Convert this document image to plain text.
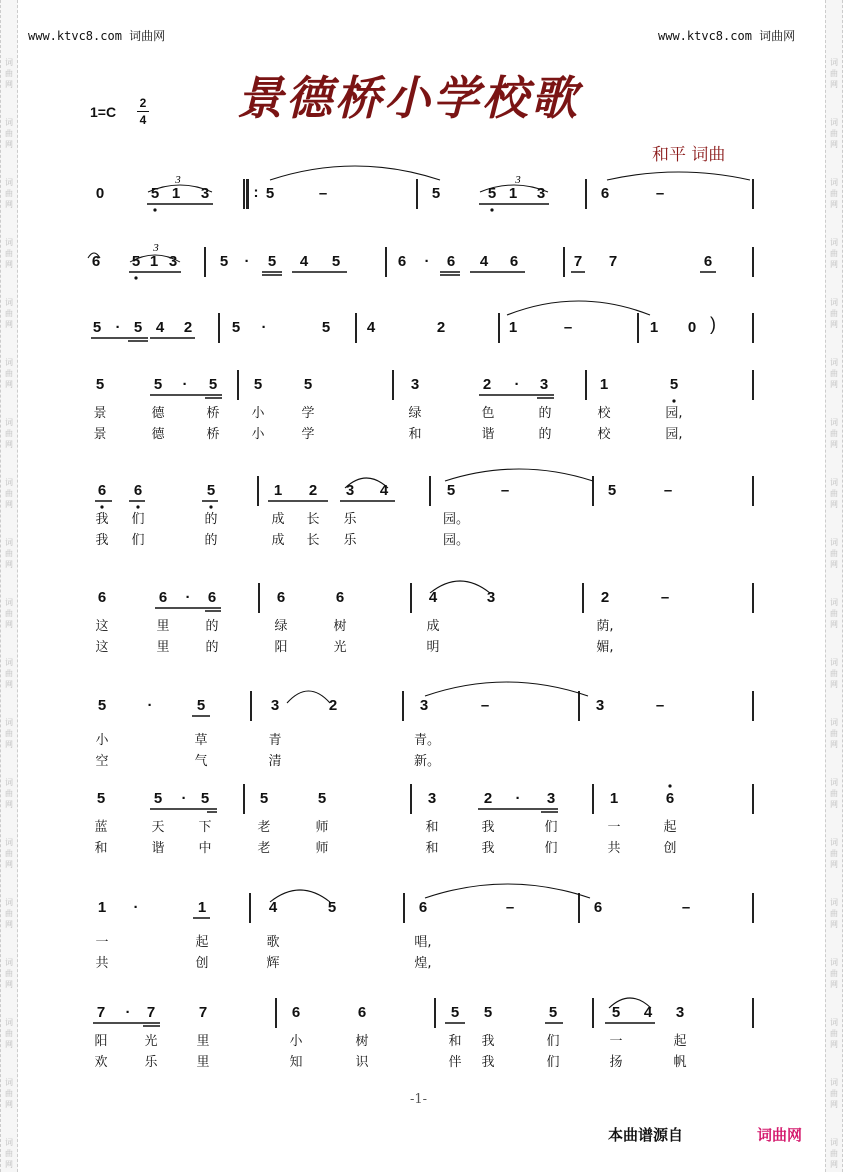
词
曲
网
词
曲
网
词
曲
网
词
曲
网
词
曲
网
词
曲
网
词
曲
网
词
曲
网
词
曲
网
词
曲
网
词
曲
网
词
曲
网
词
曲
网
词
曲
网
词
曲
网
词
曲
网
词
曲
网
词
曲
网
词
曲
网
词
曲
网
词
曲
网
词
曲
网
词
曲
网
词
曲
网
词
曲
网
词
曲
网
词
曲
网
词
曲
网
词
曲
网
词
曲
网
词
曲
网
词
曲
网
词
曲
网
词
曲
网
词
曲
网
词
曲
网
词
曲
网
词
曲
网
www.ktvc8.com 词曲网	www.ktvc8.com 词曲网
景德桥小学校歌
1=C
2
4
和平 词曲
0	5 1 3	5	–	5	5 1 3	6	–
6 5 1 3	5	·	5 4 5	6	·	6 4 6	7 7	6
5 · 5 4 2	5	·	5 4	2	1	–	1 0 )
5	5	·	5 5	5	3	2	·	3	1	5
景	德	桥 小	学	绿	色	的	校	园,
景	德	桥 小	学	和	谐	的	校	园,
6 6	5	1 2 3 4	5	–	5	–
我 们	的	成 长 乐	园。
我 们	的	成 长 乐	园。
6	6	·	6	6	6	4	3	2	–
这	里	的	绿	树	成	荫,
这	里	的	阳	光	明	媚,
5	·	5	3	2	3	–	3	–
小	草	青	青。
空	气	清	新。
5	5	· 5	5	5	3	2	·	3	1	6
蓝	天	下	老	师	和	我	们	一	起
和	谐	中	老	师	和	我	们	共	创
1	·	1	4	5	6	–	6	–
一	起	歌	唱,
共	创	辉	煌,
7	·	7	7	6	6	5 5	5	5 4 3
阳	光	里	小	树	和 我	们	一	起
欢	乐	里	知	识	伴 我	们	扬	帆
:
-1-
本曲谱源自	词曲网
3	3
3
